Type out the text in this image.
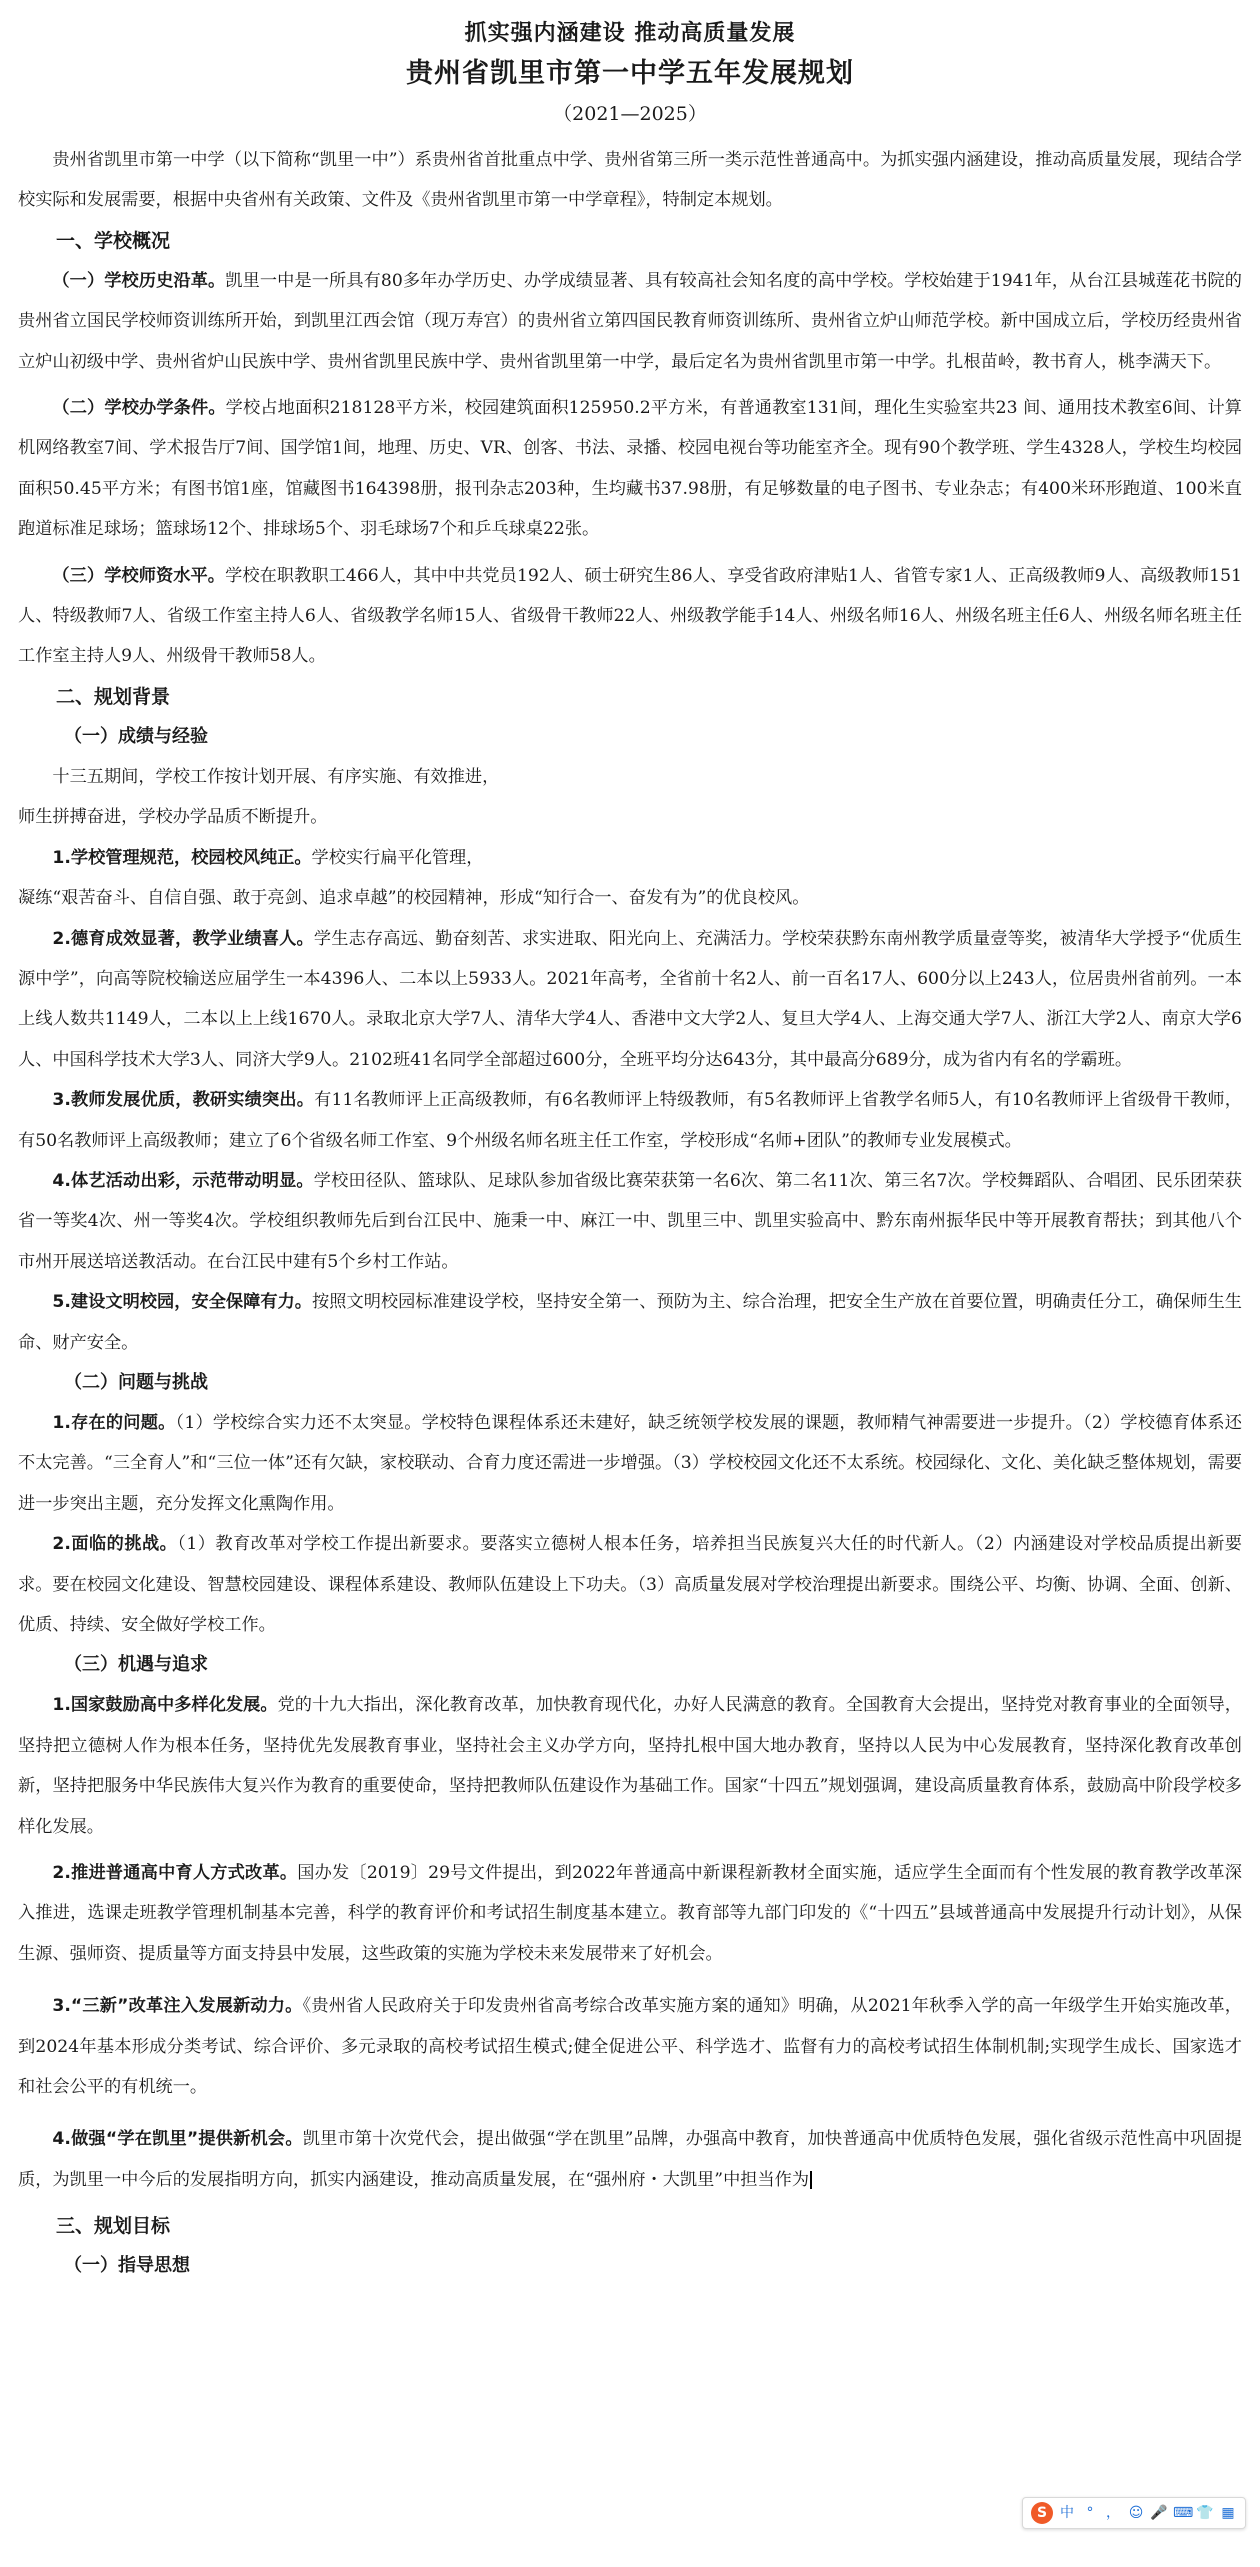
抓实强内涵建设 推动高质量发展
贵州省凯里市第一中学五年发展规划
（2021—2025）

贵州省凯里市第一中学（以下简称“凯里一中”）系贵州省首批重点中学、贵州省第三所一类示范性普通高中。为抓实强内涵建设，推动高质量发展，现结合学校实际和发展需要，根据中央省州有关政策、文件及《贵州省凯里市第一中学章程》，特制定本规划。

一、学校概况

（一）学校历史沿革。凯里一中是一所具有80多年办学历史、办学成绩显著、具有较高社会知名度的高中学校。学校始建于1941年，从台江县城莲花书院的贵州省立国民学校师资训练所开始，到凯里江西会馆（现万寿宫）的贵州省立第四国民教育师资训练所、贵州省立炉山师范学校。新中国成立后，学校历经贵州省立炉山初级中学、贵州省炉山民族中学、贵州省凯里民族中学、贵州省凯里第一中学，最后定名为贵州省凯里市第一中学。扎根苗岭，教书育人，桃李满天下。

（二）学校办学条件。学校占地面积218128平方米，校园建筑面积125950.2平方米，有普通教室131间，理化生实验室共23 间、通用技术教室6间、计算机网络教室7间、学术报告厅7间、国学馆1间，地理、历史、VR、创客、书法、录播、校园电视台等功能室齐全。现有90个教学班、学生4328人，学校生均校园面积50.45平方米；有图书馆1座，馆藏图书164398册，报刊杂志203种，生均藏书37.98册，有足够数量的电子图书、专业杂志；有400米环形跑道、100米直跑道标准足球场；篮球场12个、排球场5个、羽毛球场7个和乒乓球桌22张。

（三）学校师资水平。学校在职教职工466人，其中中共党员192人、硕士研究生86人、享受省政府津贴1人、省管专家1人、正高级教师9人、高级教师151人、特级教师7人、省级工作室主持人6人、省级教学名师15人、省级骨干教师22人、州级教学能手14人、州级名师16人、州级名班主任6人、州级名师名班主任工作室主持人9人、州级骨干教师58人。

二、规划背景
（一）成绩与经验

十三五期间，学校工作按计划开展、有序实施、有效推进，

师生拼搏奋进，学校办学品质不断提升。

1.学校管理规范，校园校风纯正。学校实行扁平化管理，

凝练“艰苦奋斗、自信自强、敢于亮剑、追求卓越”的校园精神，形成“知行合一、奋发有为”的优良校风。

2.德育成效显著，教学业绩喜人。学生志存高远、勤奋刻苦、求实进取、阳光向上、充满活力。学校荣获黔东南州教学质量壹等奖，被清华大学授予“优质生源中学”，向高等院校输送应届学生一本4396人、二本以上5933人。2021年高考，全省前十名2人、前一百名17人、600分以上243人，位居贵州省前列。一本上线人数共1149人，二本以上上线1670人。录取北京大学7人、清华大学4人、香港中文大学2人、复旦大学4人、上海交通大学7人、浙江大学2人、南京大学6人、中国科学技术大学3人、同济大学9人。2102班41名同学全部超过600分，全班平均分达643分，其中最高分689分，成为省内有名的学霸班。

3.教师发展优质，教研实绩突出。有11名教师评上正高级教师，有6名教师评上特级教师，有5名教师评上省教学名师5人，有10名教师评上省级骨干教师，有50名教师评上高级教师；建立了6个省级名师工作室、9个州级名师名班主任工作室，学校形成“名师+团队”的教师专业发展模式。

4.体艺活动出彩，示范带动明显。学校田径队、篮球队、足球队参加省级比赛荣获第一名6次、第二名11次、第三名7次。学校舞蹈队、合唱团、民乐团荣获省一等奖4次、州一等奖4次。学校组织教师先后到台江民中、施秉一中、麻江一中、凯里三中、凯里实验高中、黔东南州振华民中等开展教育帮扶；到其他八个市州开展送培送教活动。在台江民中建有5个乡村工作站。

5.建设文明校园，安全保障有力。按照文明校园标准建设学校，坚持安全第一、预防为主、综合治理，把安全生产放在首要位置，明确责任分工，确保师生生命、财产安全。

（二）问题与挑战

1.存在的问题。（1）学校综合实力还不太突显。学校特色课程体系还未建好，缺乏统领学校发展的课题，教师精气神需要进一步提升。（2）学校德育体系还不太完善。“三全育人”和“三位一体”还有欠缺，家校联动、合育力度还需进一步增强。（3）学校校园文化还不太系统。校园绿化、文化、美化缺乏整体规划，需要进一步突出主题，充分发挥文化熏陶作用。

2.面临的挑战。（1）教育改革对学校工作提出新要求。要落实立德树人根本任务，培养担当民族复兴大任的时代新人。（2）内涵建设对学校品质提出新要求。要在校园文化建设、智慧校园建设、课程体系建设、教师队伍建设上下功夫。（3）高质量发展对学校治理提出新要求。围绕公平、均衡、协调、全面、创新、优质、持续、安全做好学校工作。

（三）机遇与追求

1.国家鼓励高中多样化发展。党的十九大指出，深化教育改革，加快教育现代化，办好人民满意的教育。全国教育大会提出，坚持党对教育事业的全面领导，坚持把立德树人作为根本任务，坚持优先发展教育事业，坚持社会主义办学方向，坚持扎根中国大地办教育，坚持以人民为中心发展教育，坚持深化教育改革创新，坚持把服务中华民族伟大复兴作为教育的重要使命，坚持把教师队伍建设作为基础工作。国家“十四五”规划强调，建设高质量教育体系，鼓励高中阶段学校多样化发展。

2.推进普通高中育人方式改革。国办发〔2019〕29号文件提出，到2022年普通高中新课程新教材全面实施，适应学生全面而有个性发展的教育教学改革深入推进，选课走班教学管理机制基本完善，科学的教育评价和考试招生制度基本建立。教育部等九部门印发的《“十四五”县域普通高中发展提升行动计划》，从保生源、强师资、提质量等方面支持县中发展，这些政策的实施为学校未来发展带来了好机会。

3.“三新”改革注入发展新动力。《贵州省人民政府关于印发贵州省高考综合改革实施方案的通知》明确，从2021年秋季入学的高一年级学生开始实施改革，到2024年基本形成分类考试、综合评价、多元录取的高校考试招生模式;健全促进公平、科学选才、监督有力的高校考试招生体制机制;实现学生成长、国家选才和社会公平的有机统一。

4.做强“学在凯里”提供新机会。凯里市第十次党代会，提出做强“学在凯里”品牌，办强高中教育，加快普通高中优质特色发展，强化省级示范性高中巩固提质，为凯里一中今后的发展指明方向，抓实内涵建设，推动高质量发展，在“强州府・大凯里”中担当作为

三、规划目标
（一）指导思想
S 中 ° ， ☺ 🎤 ⌨ 👕 ▦
